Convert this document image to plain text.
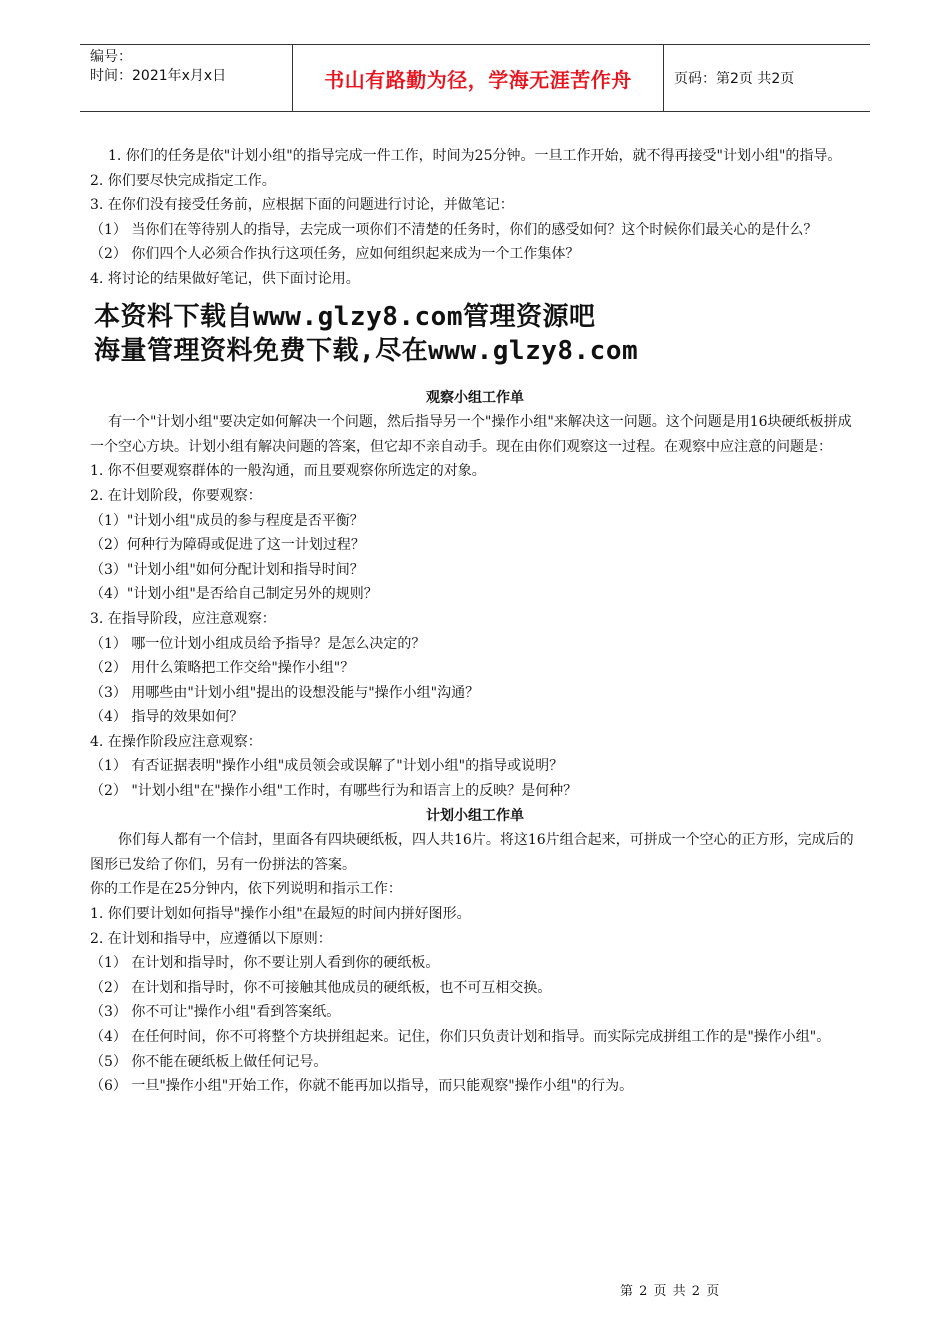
编号：
时间：2021年x月x日	书山有路勤为径，学海无涯苦作舟	页码：第2页 共2页

1. 你们的任务是依"计划小组"的指导完成一件工作，时间为25分钟。一旦工作开始，就不得再接受"计划小组"的指导。

2. 你们要尽快完成指定工作。

3. 在你们没有接受任务前，应根据下面的问题进行讨论，并做笔记：

（1） 当你们在等待别人的指导，去完成一项你们不清楚的任务时，你们的感受如何？这个时候你们最关心的是什么？

（2） 你们四个人必须合作执行这项任务，应如何组织起来成为一个工作集体？

4. 将讨论的结果做好笔记，供下面讨论用。

本资料下载自www.glzy8.com管理资源吧

海量管理资料免费下载,尽在www.glzy8.com

观察小组工作单

有一个"计划小组"要决定如何解决一个问题，然后指导另一个"操作小组"来解决这一问题。这个问题是用16块硬纸板拼成一个空心方块。计划小组有解决问题的答案，但它却不亲自动手。现在由你们观察这一过程。在观察中应注意的问题是：

1. 你不但要观察群体的一般沟通，而且要观察你所选定的对象。

2. 在计划阶段，你要观察：

（1）"计划小组"成员的参与程度是否平衡？

（2）何种行为障碍或促进了这一计划过程？

（3）"计划小组"如何分配计划和指导时间？

（4）"计划小组"是否给自己制定另外的规则？

3. 在指导阶段，应注意观察：

（1） 哪一位计划小组成员给予指导？是怎么决定的？

（2） 用什么策略把工作交给"操作小组"？

（3） 用哪些由"计划小组"提出的设想没能与"操作小组"沟通？

（4） 指导的效果如何？

4. 在操作阶段应注意观察：

（1） 有否证据表明"操作小组"成员领会或误解了"计划小组"的指导或说明？

（2） "计划小组"在"操作小组"工作时，有哪些行为和语言上的反映？是何种？

计划小组工作单

你们每人都有一个信封，里面各有四块硬纸板，四人共16片。将这16片组合起来，可拼成一个空心的正方形，完成后的图形已发给了你们，另有一份拼法的答案。

你的工作是在25分钟内，依下列说明和指示工作：

1. 你们要计划如何指导"操作小组"在最短的时间内拼好图形。

2. 在计划和指导中，应遵循以下原则：

（1） 在计划和指导时，你不要让别人看到你的硬纸板。

（2） 在计划和指导时，你不可接触其他成员的硬纸板，也不可互相交换。

（3） 你不可让"操作小组"看到答案纸。

（4） 在任何时间，你不可将整个方块拼组起来。记住，你们只负责计划和指导。而实际完成拼组工作的是"操作小组"。

（5） 你不能在硬纸板上做任何记号。

（6） 一旦"操作小组"开始工作，你就不能再加以指导，而只能观察"操作小组"的行为。

第 2 页 共 2 页
